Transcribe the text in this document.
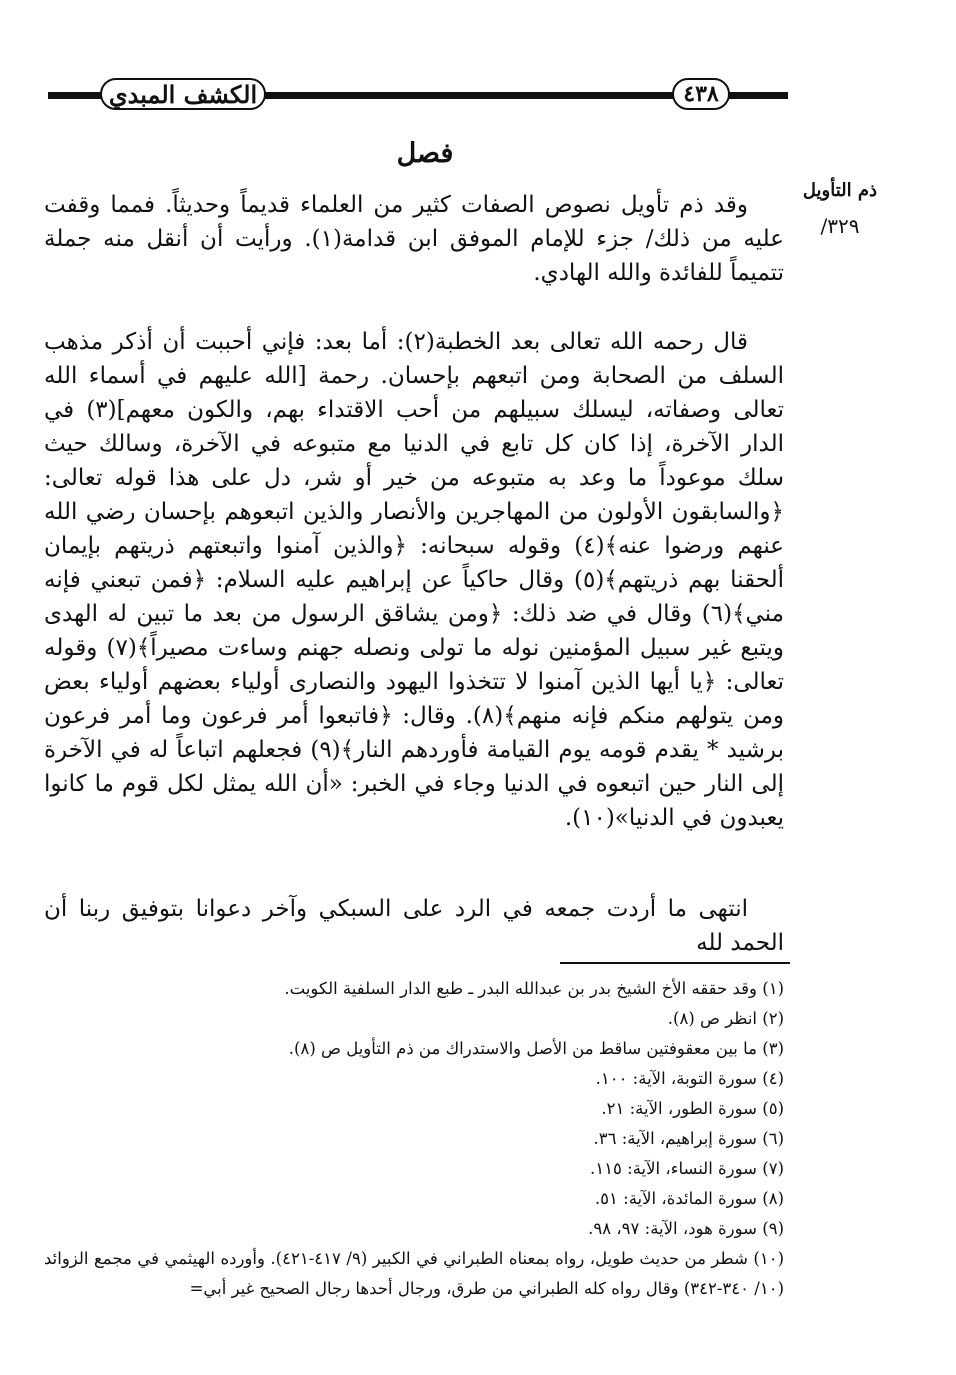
الكشف المبدي	٤٣٨
فصل
ذم التأويل
٣٢٩/
وقد ذم تأويل نصوص الصفات كثير من العلماء قديماً وحديثاً. فمما وقفت عليه من ذلك/ جزء للإمام الموفق ابن قدامة(١). ورأيت أن أنقل منه جملة تتميماً للفائدة والله الهادي.
قال رحمه الله تعالى بعد الخطبة(٢): أما بعد: فإني أحببت أن أذكر مذهب السلف من الصحابة ومن اتبعهم بإحسان. رحمة [الله عليهم في أسماء الله تعالى وصفاته، ليسلك سبيلهم من أحب الاقتداء بهم، والكون معهم](٣) في الدار الآخرة، إذا كان كل تابع في الدنيا مع متبوعه في الآخرة، وسالك حيث سلك موعوداً ما وعد به متبوعه من خير أو شر، دل على هذا قوله تعالى: ﴿والسابقون الأولون من المهاجرين والأنصار والذين اتبعوهم بإحسان رضي الله عنهم ورضوا عنه﴾(٤) وقوله سبحانه: ﴿والذين آمنوا واتبعتهم ذريتهم بإيمان ألحقنا بهم ذريتهم﴾(٥) وقال حاكياً عن إبراهيم عليه السلام: ﴿فمن تبعني فإنه مني﴾(٦) وقال في ضد ذلك: ﴿ومن يشاقق الرسول من بعد ما تبين له الهدى ويتبع غير سبيل المؤمنين نوله ما تولى ونصله جهنم وساءت مصيراً﴾(٧) وقوله تعالى: ﴿يا أيها الذين آمنوا لا تتخذوا اليهود والنصارى أولياء بعضهم أولياء بعض ومن يتولهم منكم فإنه منهم﴾(٨). وقال: ﴿فاتبعوا أمر فرعون وما أمر فرعون برشيد * يقدم قومه يوم القيامة فأوردهم النار﴾(٩) فجعلهم اتباعاً له في الآخرة إلى النار حين اتبعوه في الدنيا وجاء في الخبر: «أن الله يمثل لكل قوم ما كانوا يعبدون في الدنيا»(١٠).
انتهى ما أردت جمعه في الرد على السبكي وآخر دعوانا بتوفيق ربنا أن الحمد لله
(١) وقد حققه الأخ الشيخ بدر بن عبدالله البدر ـ طبع الدار السلفية الكويت.
(٢) انظر ص (٨).
(٣) ما بين معقوفتين ساقط من الأصل والاستدراك من ذم التأويل ص (٨).
(٤) سورة التوبة، الآية: ١٠٠.
(٥) سورة الطور، الآية: ٢١.
(٦) سورة إبراهيم، الآية: ٣٦.
(٧) سورة النساء، الآية: ١١٥.
(٨) سورة المائدة، الآية: ٥١.
(٩) سورة هود، الآية: ٩٧، ٩٨.
(١٠) شطر من حديث طويل، رواه بمعناه الطبراني في الكبير (٩/ ٤١٧-٤٢١). وأورده الهيثمي في مجمع الزوائد (١٠/ ٣٤٠-٣٤٢) وقال رواه كله الطبراني من طرق، ورجال أحدها رجال الصحيح غير أبي=
